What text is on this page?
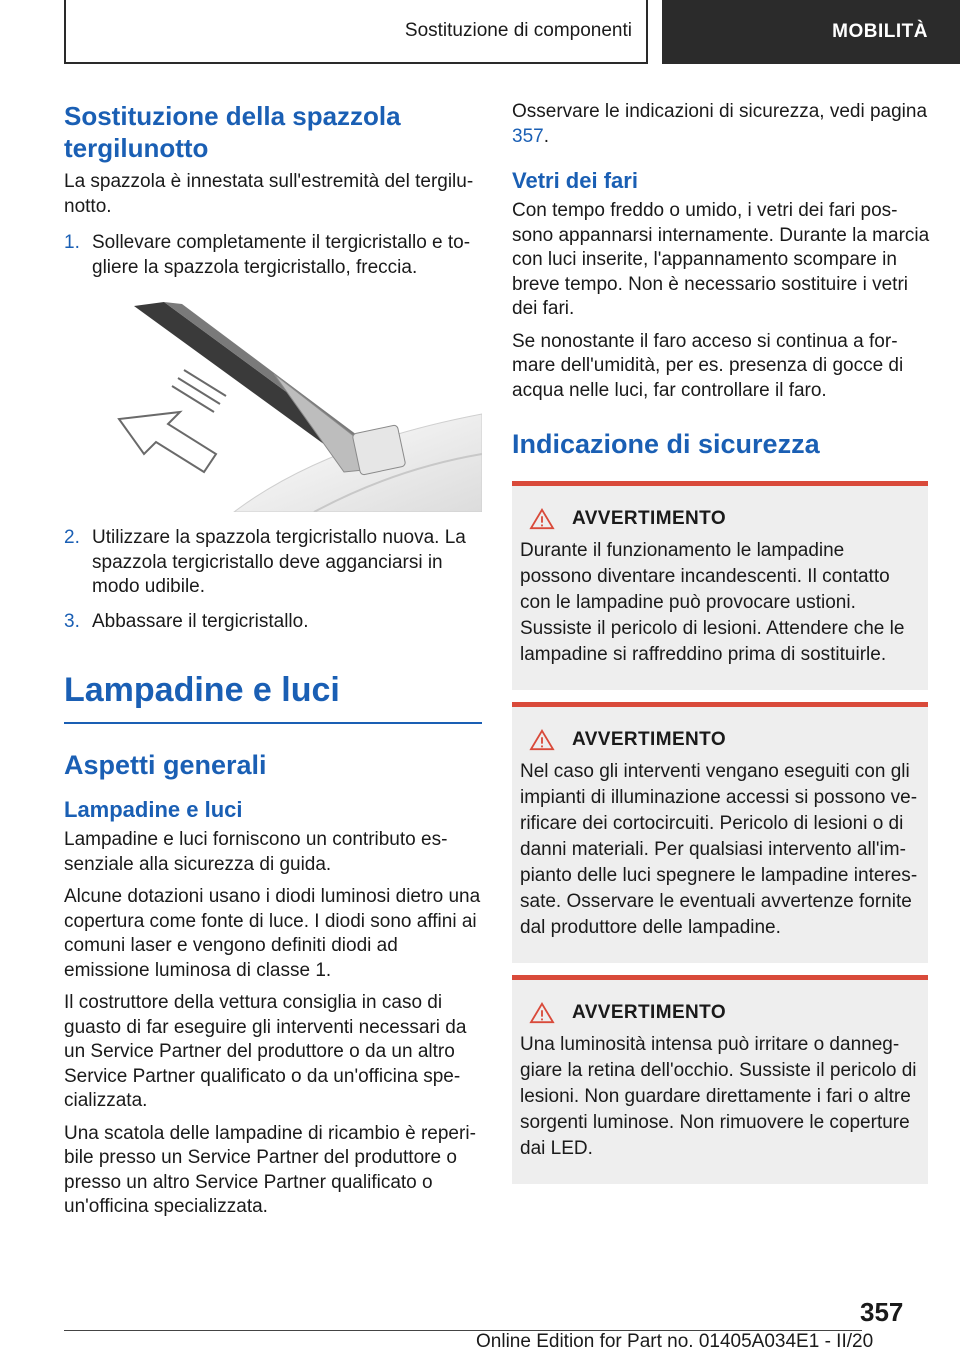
Sostituzione di componenti	MOBILITÀ
Sostituzione della spazzola tergilunotto

La spazzola è innestata sull'estremità del tergilunotto.

1. Sollevare completamente il tergicristallo e togliere la spazzola tergicristallo, freccia.
2. Utilizzare la spazzola tergicristallo nuova. La spazzola tergicristallo deve agganciarsi in modo udibile.
3. Abbassare il tergicristallo.
Lampadine e luci
Aspetti generali
Lampadine e luci

Lampadine e luci forniscono un contributo essenziale alla sicurezza di guida.

Alcune dotazioni usano i diodi luminosi dietro una copertura come fonte di luce. I diodi sono affini ai comuni laser e vengono definiti diodi ad emissione luminosa di classe 1.

Il costruttore della vettura consiglia in caso di guasto di far eseguire gli interventi necessari da un Service Partner del produttore o da un altro Service Partner qualificato o da un'officina specializzata.

Una scatola delle lampadine di ricambio è reperibile presso un Service Partner del produttore o presso un altro Service Partner qualificato o un'officina specializzata.

Osservare le indicazioni di sicurezza, vedi pagina 357.

Vetri dei fari

Con tempo freddo o umido, i vetri dei fari possono appannarsi internamente. Durante la marcia con luci inserite, l'appannamento scompare in breve tempo. Non è necessario sostituire i vetri dei fari.

Se nonostante il faro acceso si continua a formare dell'umidità, per es. presenza di gocce di acqua nelle luci, far controllare il faro.

Indicazione di sicurezza
AVVERTIMENTO

Durante il funzionamento le lampadine possono diventare incandescenti. Il contatto con le lampadine può provocare ustioni. Sussiste il pericolo di lesioni. Attendere che le lampadine si raffreddino prima di sostituirle.

AVVERTIMENTO

Nel caso gli interventi vengano eseguiti con gli impianti di illuminazione accessi si possono verificare dei cortocircuiti. Pericolo di lesioni o di danni materiali. Per qualsiasi intervento all'impianto delle luci spegnere le lampadine interessate. Osservare le eventuali avvertenze fornite dal produttore delle lampadine.

AVVERTIMENTO

Una luminosità intensa può irritare o danneggiare la retina dell'occhio. Sussiste il pericolo di lesioni. Non guardare direttamente i fari o altre sorgenti luminose. Non rimuovere le coperture dai LED.

357
Online Edition for Part no. 01405A034E1 - II/20
